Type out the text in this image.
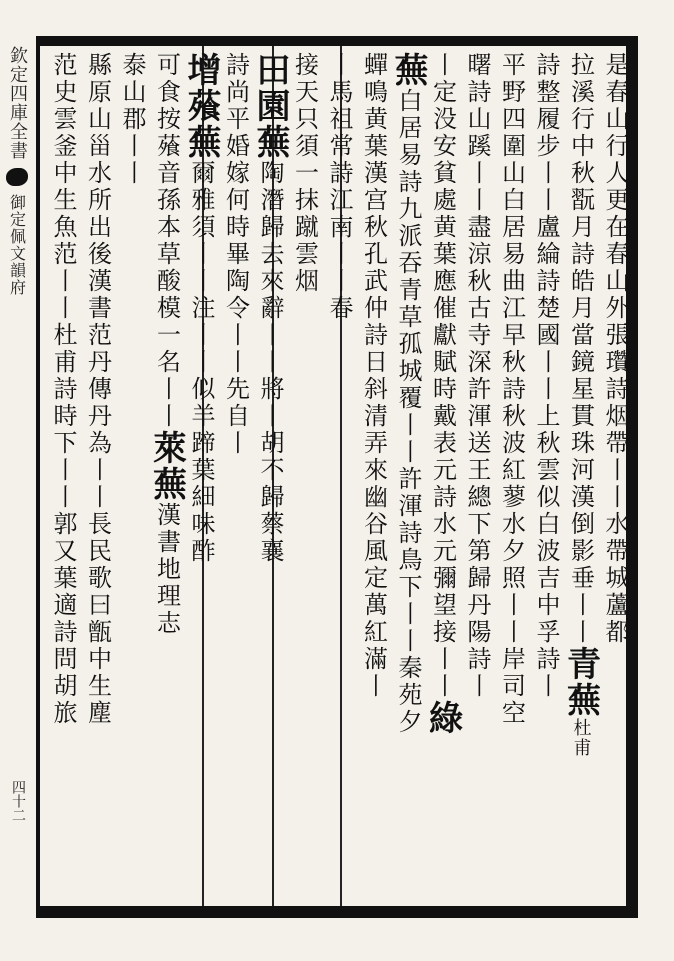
欽定四庫全書
御定佩文韻府
四十二
是春山行人更在春山外張瓚詩烟帶丨丨水帶城蘆都
拉溪行中秋翫月詩皓月當鏡星貫珠河漢倒影垂丨丨
青蕪
杜甫
詩整履步丨丨盧綸詩楚國丨丨上秋雲似白波吉中孚詩丨
平野四圍山白居易曲江早秋詩秋波紅蓼水夕照丨丨岸司空
曙詩山蹊丨丨盡涼秋古寺深許渾送王總下第歸丹陽詩丨
丨定没安貧處黄葉應催獻賦時戴表元詩水元彌望接丨丨
綠
蕪
白居易詩九派吞青草孤城覆丨丨許渾詩鳥下丨丨秦苑夕
蟬鳴黄葉漢宫秋孔武仲詩日斜清弄來幽谷風定萬紅滿丨
丨馬祖常詩江南丨丨春
接天只須一抹蹴雲烟
田園蕪
陶潛歸去來辭丨丨將丨胡不歸蔡襄
詩尚平婚嫁何時畢陶令丨丨先自丨
增蕵蕪
爾雅須丨丨注丨丨似羊蹄葉細味酢
可食按蕵音孫本草酸模一名丨丨
萊蕪
漢書地理志
泰山郡丨丨
縣原山甾水所出後漢書范丹傳丹為丨丨長民歌曰甑中生塵
范史雲釜中生魚范丨丨杜甫詩時下丨丨郭又葉適詩問胡旅
